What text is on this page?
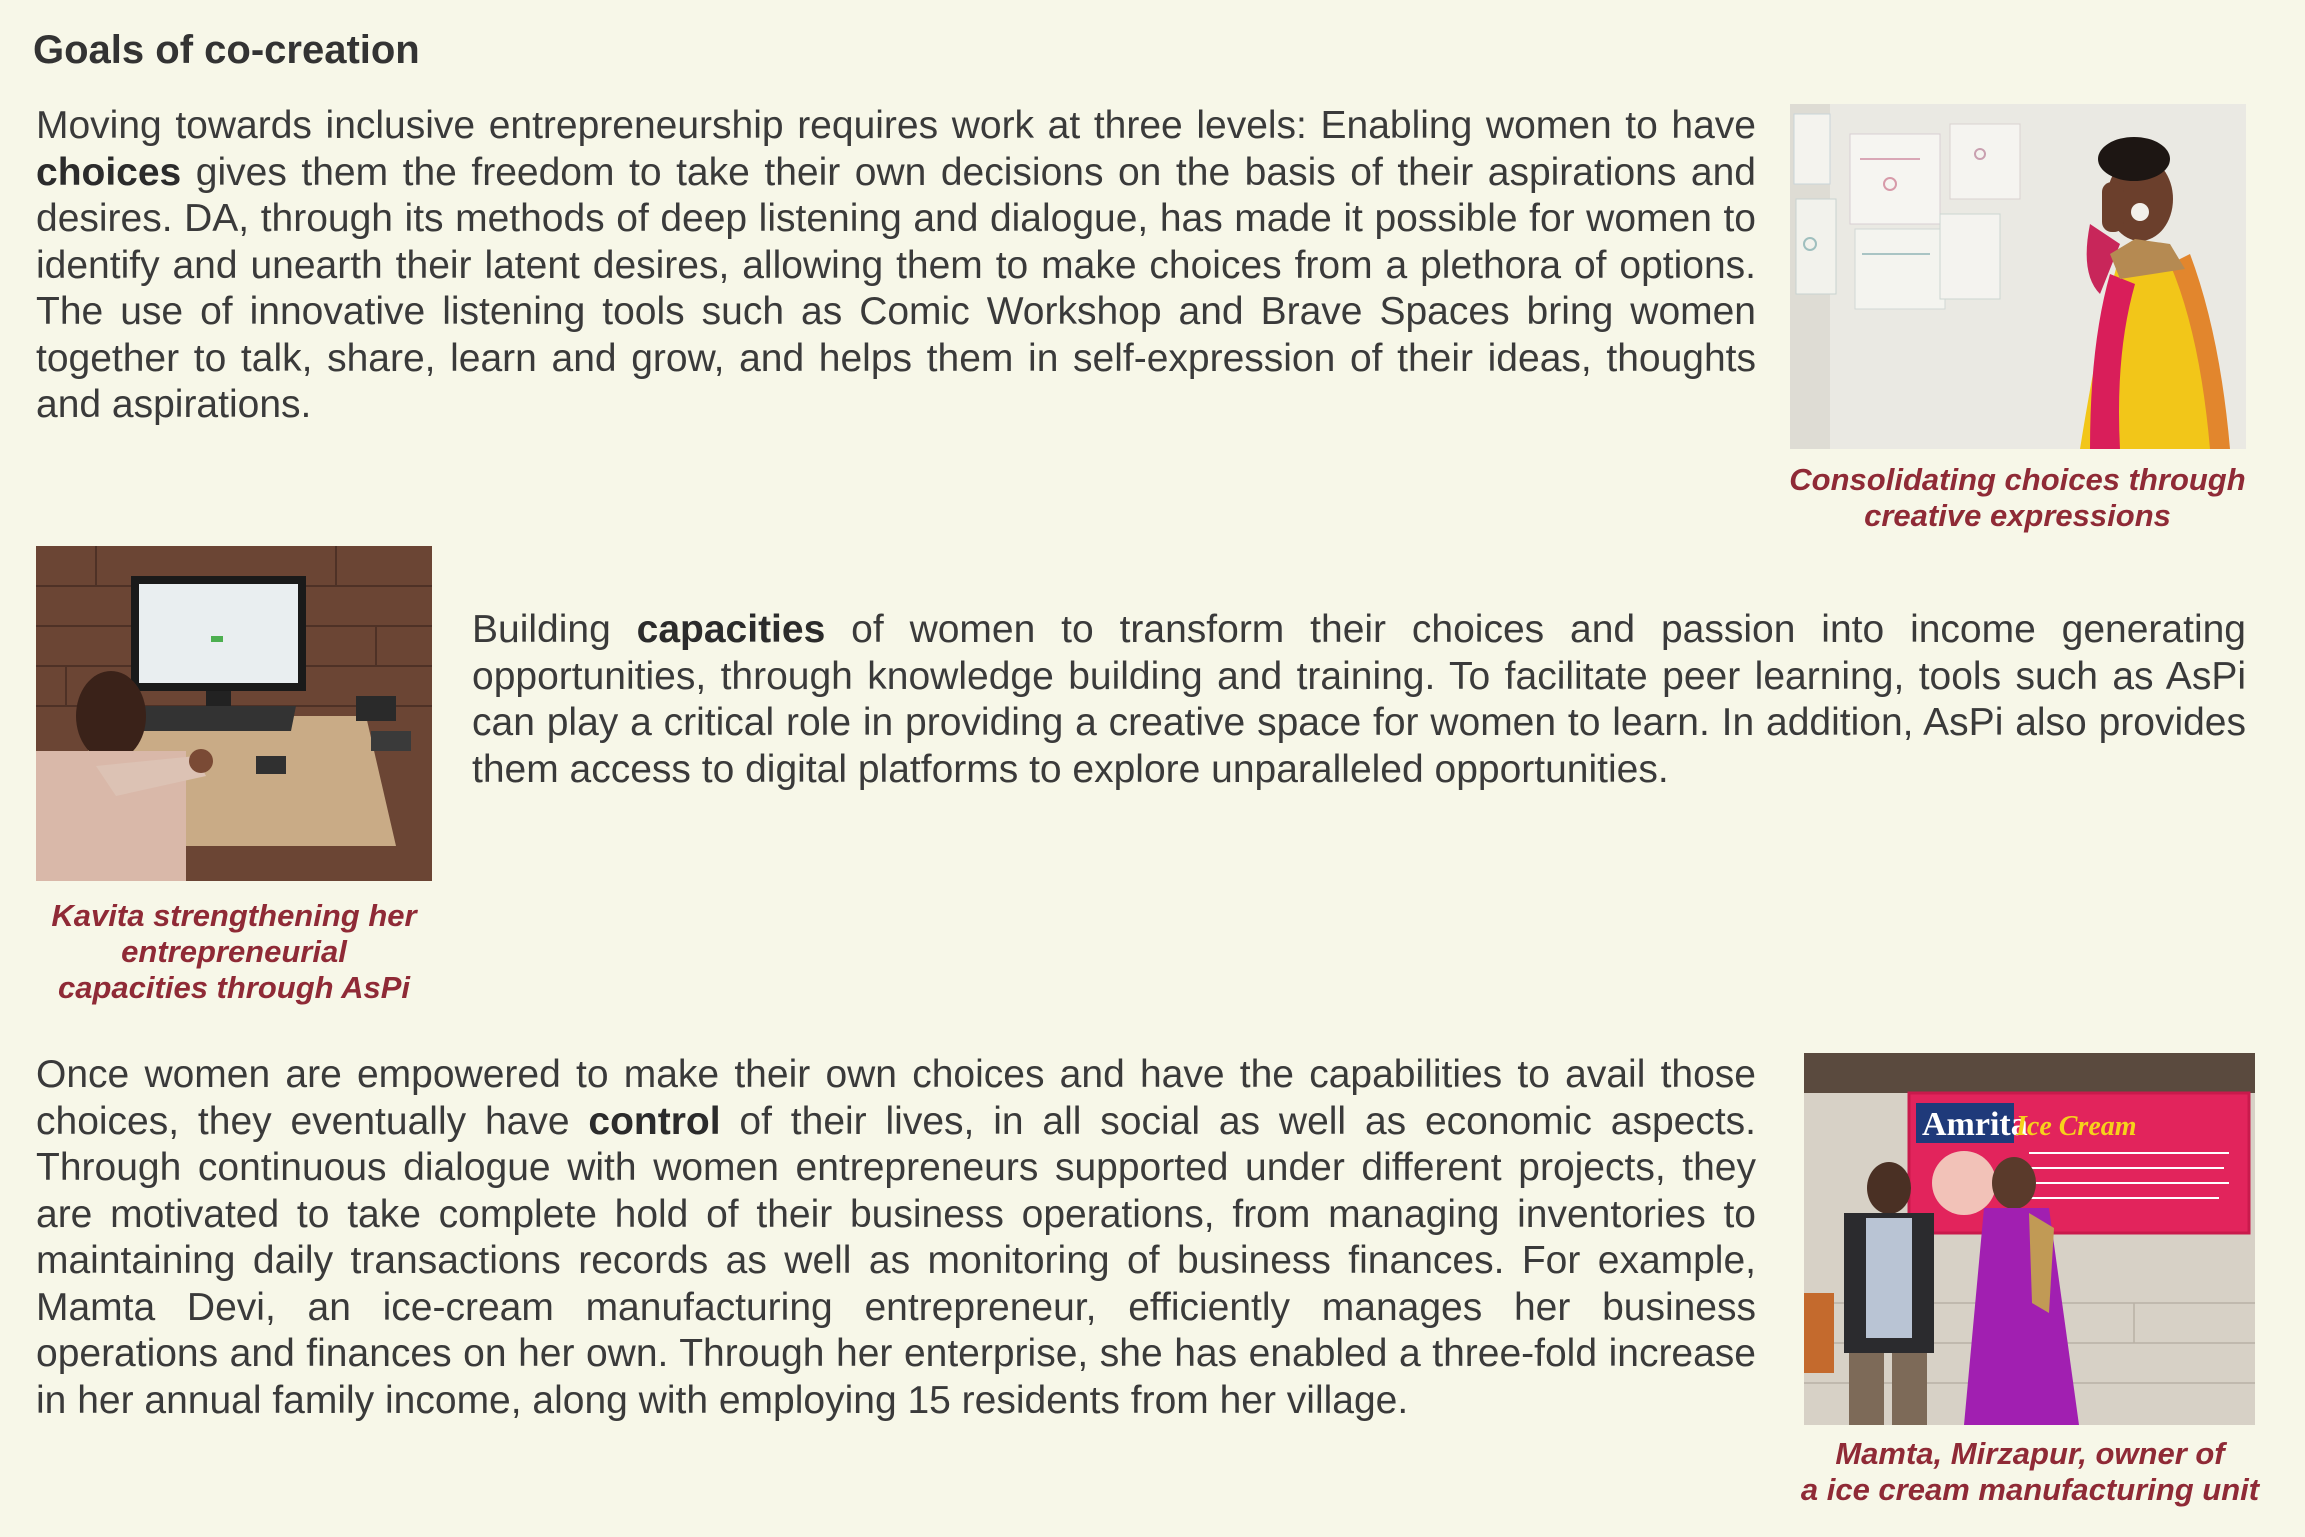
Goals of co-creation

Moving towards inclusive entrepreneurship requires work at three levels: Enabling women to have choices gives them the freedom to take their own decisions on the basis of their aspirations and desires. DA, through its methods of deep listening and dialogue, has made it possible for women to identify and unearth their latent desires, allowing them to make choices from a plethora of options. The use of innovative listening tools such as Comic Workshop and Brave Spaces bring women together to talk, share, learn and grow, and helps them in self-expression of their ideas, thoughts and aspirations.

Consolidating choices through
creative expressions

Kavita strengthening her
entrepreneurial
capacities through AsPi

Building capacities of women to transform their choices and passion into income generating opportunities, through knowledge building and training. To facilitate peer learning, tools such as AsPi can play a critical role in providing a creative space for women to learn. In addition, AsPi also provides them access to digital platforms to explore unparalleled opportunities.

Once women are empowered to make their own choices and have the capabilities to avail those choices, they eventually have control of their lives, in all social as well as economic aspects. Through continuous dialogue with women entrepreneurs supported under different projects, they are motivated to take complete hold of their business operations, from managing inventories to maintaining daily transactions records as well as monitoring of business finances. For example, Mamta Devi, an ice-cream manufacturing entrepreneur, efficiently manages her business operations and finances on her own. Through her enterprise, she has enabled a three-fold increase in her annual family income, along with employing 15 residents from her village.

Amrita
Ice Cream

Mamta, Mirzapur, owner of
a ice cream manufacturing unit
